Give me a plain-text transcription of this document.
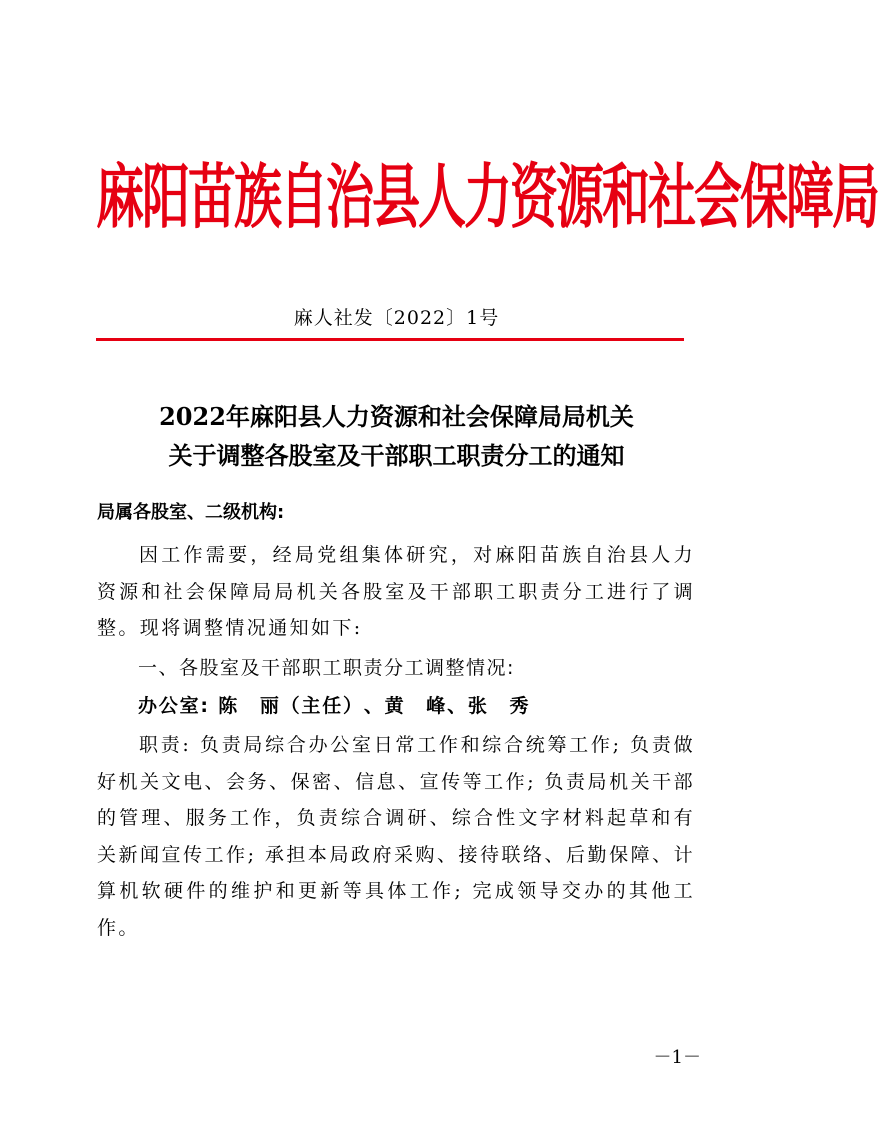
麻阳苗族自治县人力资源和社会保障局
麻人社发〔2022〕1号
2022年麻阳县人力资源和社会保障局局机关
关于调整各股室及干部职工职责分工的通知
局属各股室、二级机构:
因工作需要，经局党组集体研究，对麻阳苗族自治县人力资源和社会保障局局机关各股室及干部职工职责分工进行了调整。现将调整情况通知如下:
一、各股室及干部职工职责分工调整情况:
办公室: 陈　丽（主任）、黄　峰、张　秀
职责: 负责局综合办公室日常工作和综合统筹工作; 负责做好机关文电、会务、保密、信息、宣传等工作; 负责局机关干部的管理、服务工作，负责综合调研、综合性文字材料起草和有关新闻宣传工作; 承担本局政府采购、接待联络、后勤保障、计算机软硬件的维护和更新等具体工作; 完成领导交办的其他工作。
－1－
